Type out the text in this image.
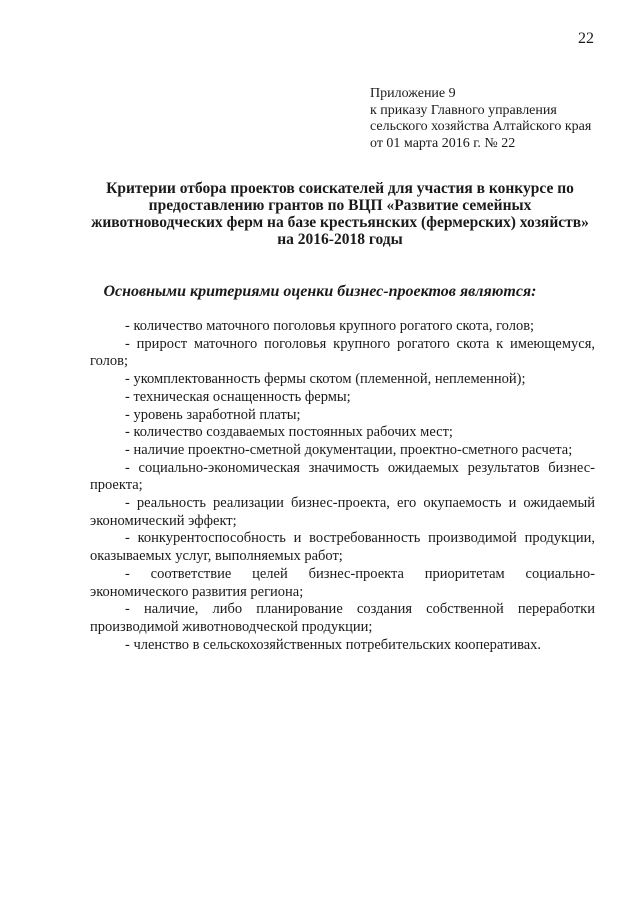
22
Приложение 9
к приказу Главного управления
сельского хозяйства Алтайского края
от 01 марта 2016 г. № 22
Критерии отбора проектов соискателей для участия в конкурсе по
предоставлению грантов по ВЦП «Развитие семейных
животноводческих ферм на базе крестьянских (фермерских) хозяйств»
на 2016-2018 годы
Основными критериями оценки бизнес-проектов являются:
- количество маточного поголовья крупного рогатого скота, голов;
- прирост маточного поголовья крупного рогатого скота к имеющемуся, голов;
- укомплектованность фермы скотом (племенной, неплеменной);
- техническая оснащенность фермы;
- уровень заработной платы;
- количество создаваемых постоянных рабочих мест;
- наличие проектно-сметной документации, проектно-сметного расчета;
- социально-экономическая значимость ожидаемых результатов бизнес-проекта;
- реальность реализации бизнес-проекта, его окупаемость и ожидаемый экономический эффект;
- конкурентоспособность и востребованность производимой продукции, оказываемых услуг, выполняемых работ;
- соответствие целей бизнес-проекта приоритетам социально-экономического развития региона;
- наличие, либо планирование создания собственной переработки производимой животноводческой продукции;
- членство в сельскохозяйственных потребительских кооперативах.
